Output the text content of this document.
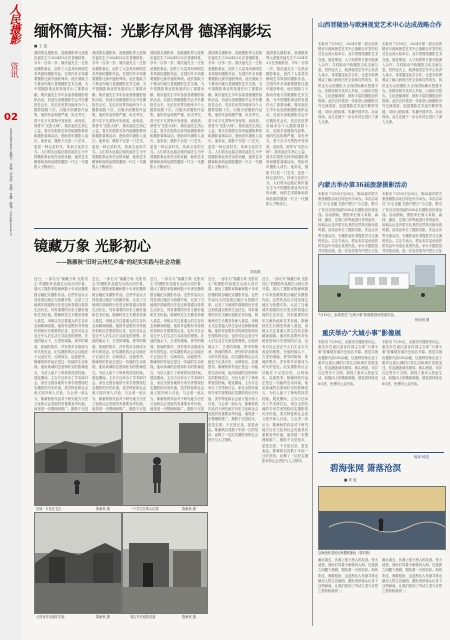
人民摄影
资讯
02
2024年4月20日 星期六 · 责编：李诗雨 · 美编：肖鹏 · 邮箱：rmsy@people.cn
缅怀简庆福：光影存风骨 德泽润影坛
■ 王 晶
我国著名摄影家、香港摄影界元老简庆福先生于2024年3月在香港辞世，享年一百零一岁。简庆福先生一生热爱摄影事业，创作了大量具有鲜明艺术风格的摄影作品，在国内外多项重要摄影比赛中屡获殊荣。他长期致力于推动内地与香港摄影艺术交流，为中国摄影事业的发展作出了重要贡献。简庆福先生早年参加香港摄影组织活动，后创办香港摄影学会并长期担任会长，先后在世界各地举办个人摄影展数十次，出版多部摄影作品集。他的作品构图严谨、用光考究，善于在平凡景物中发现美、表现美，被誉为“光影大师”。简庆福先生热心公益，曾多次捐资支持内地摄影教育和摄影赛事活动，资助青年摄影人成长。他常说，摄影不仅是一门艺术，更是一种记录时代、传承文化的方式。人们将永远铭记简庆福先生为中国摄影事业所作出的贡献，他的艺术精神和高尚品德将激励一代又一代摄影人不断前行。
我国著名摄影家、香港摄影界元老简庆福先生于2024年3月在香港辞世，享年一百零一岁。简庆福先生一生热爱摄影事业，创作了大量具有鲜明艺术风格的摄影作品，在国内外多项重要摄影比赛中屡获殊荣。他长期致力于推动内地与香港摄影艺术交流，为中国摄影事业的发展作出了重要贡献。简庆福先生早年参加香港摄影组织活动，后创办香港摄影学会并长期担任会长，先后在世界各地举办个人摄影展数十次，出版多部摄影作品集。他的作品构图严谨、用光考究，善于在平凡景物中发现美、表现美，被誉为“光影大师”。简庆福先生热心公益，曾多次捐资支持内地摄影教育和摄影赛事活动，资助青年摄影人成长。他常说，摄影不仅是一门艺术，更是一种记录时代、传承文化的方式。人们将永远铭记简庆福先生为中国摄影事业所作出的贡献，他的艺术精神和高尚品德将激励一代又一代摄影人不断前行。
我国著名摄影家、香港摄影界元老简庆福先生于2024年3月在香港辞世，享年一百零一岁。简庆福先生一生热爱摄影事业，创作了大量具有鲜明艺术风格的摄影作品，在国内外多项重要摄影比赛中屡获殊荣。他长期致力于推动内地与香港摄影艺术交流，为中国摄影事业的发展作出了重要贡献。简庆福先生早年参加香港摄影组织活动，后创办香港摄影学会并长期担任会长，先后在世界各地举办个人摄影展数十次，出版多部摄影作品集。他的作品构图严谨、用光考究，善于在平凡景物中发现美、表现美，被誉为“光影大师”。简庆福先生热心公益，曾多次捐资支持内地摄影教育和摄影赛事活动，资助青年摄影人成长。他常说，摄影不仅是一门艺术，更是一种记录时代、传承文化的方式。人们将永远铭记简庆福先生为中国摄影事业所作出的贡献，他的艺术精神和高尚品德将激励一代又一代摄影人不断前行。
我国著名摄影家、香港摄影界元老简庆福先生于2024年3月在香港辞世，享年一百零一岁。简庆福先生一生热爱摄影事业，创作了大量具有鲜明艺术风格的摄影作品，在国内外多项重要摄影比赛中屡获殊荣。他长期致力于推动内地与香港摄影艺术交流，为中国摄影事业的发展作出了重要贡献。简庆福先生早年参加香港摄影组织活动，后创办香港摄影学会并长期担任会长，先后在世界各地举办个人摄影展数十次，出版多部摄影作品集。他的作品构图严谨、用光考究，善于在平凡景物中发现美、表现美，被誉为“光影大师”。简庆福先生热心公益，曾多次捐资支持内地摄影教育和摄影赛事活动，资助青年摄影人成长。他常说，摄影不仅是一门艺术，更是一种记录时代、传承文化的方式。人们将永远铭记简庆福先生为中国摄影事业所作出的贡献，他的艺术精神和高尚品德将激励一代又一代摄影人不断前行。
我国著名摄影家、香港摄影界元老简庆福先生于2024年3月在香港辞世，享年一百零一岁。简庆福先生一生热爱摄影事业，创作了大量具有鲜明艺术风格的摄影作品，在国内外多项重要摄影比赛中屡获殊荣。他长期致力于推动内地与香港摄影艺术交流，为中国摄影事业的发展作出了重要贡献。简庆福先生早年参加香港摄影组织活动，后创办香港摄影学会并长期担任会长，先后在世界各地举办个人摄影展数十次，出版多部摄影作品集。他的作品构图严谨、用光考究，善于在平凡景物中发现美、表现美，被誉为“光影大师”。简庆福先生热心公益，曾多次捐资支持内地摄影教育和摄影赛事活动，资助青年摄影人成长。他常说，摄影不仅是一门艺术，更是一种记录时代、传承文化的方式。人们将永远铭记简庆福先生为中国摄影事业所作出的贡献，他的艺术精神和高尚品德将激励一代又一代摄影人不断前行。
山西晋陵协与欧洲视觉艺术中心达成战略合作
本报讯 7月10日，2024年第一届山西晋陵协与欧洲视觉艺术中心战略合作签约仪式在山西太原举行。双方将围绕摄影艺术交流、展览策划、人才培养等方面开展深入合作，共同推动中欧摄影文化交流互鉴。签约仪式上，欧洲视觉艺术中心负责人表示，希望通过此次合作，让更多欧洲观众了解山西的历史文化和自然风光，同时也为山西摄影人走向国际舞台搭建平台。晋陵协相关负责人介绍，山西历史悠久、文化底蕴深厚，拥有丰富的摄影创作资源。此次合作将进一步拓宽山西摄影对外交流渠道，促进摄影艺术创作繁荣发展，讲好山西故事，传播中国声音。活动现场，双方还就下一步合作项目进行了深入交流。
本报讯 7月10日，2024年第一届山西晋陵协与欧洲视觉艺术中心战略合作签约仪式在山西太原举行。双方将围绕摄影艺术交流、展览策划、人才培养等方面开展深入合作，共同推动中欧摄影文化交流互鉴。签约仪式上，欧洲视觉艺术中心负责人表示，希望通过此次合作，让更多欧洲观众了解山西的历史文化和自然风光，同时也为山西摄影人走向国际舞台搭建平台。晋陵协相关负责人介绍，山西历史悠久、文化底蕴深厚，拥有丰富的摄影创作资源。此次合作将进一步拓宽山西摄影对外交流渠道，促进摄影艺术创作繁荣发展，讲好山西故事，传播中国声音。活动现场，双方还就下一步合作项目进行了深入交流。
内蒙古举办第36届旅游摄影活动
本报讯 7月15日至20日，第36届内蒙古旅游摄影活动在呼伦贝尔举办。本次活动以“行走北疆 光影内蒙古”为主题，吸引了来自全国各地的200余名摄影爱好者参加。活动期间，摄影家们深入草原、森林、湖泊、边境口岸等地进行采风创作，用镜头记录内蒙古壮美的自然风光和民族风情。活动还举办了摄影讲座、作品点评等交流活动，为摄影爱好者提供学习交流的机会。主办方表示，将从本次活动创作的作品中评选出优秀作品，举办专题展览并结集出版，进一步宣传推介内蒙古文化
本报讯 7月15日至20日，第36届内蒙古旅游摄影活动在呼伦贝尔举办。本次活动以“行走北疆 光影内蒙古”为主题，吸引了来自全国各地的200余名摄影爱好者参加。活动期间，摄影家们深入草原、森林、湖泊、边境口岸等地进行采风创作，用镜头记录内蒙古壮美的自然风光和民族风情。活动还举办了摄影讲座、作品点评等交流活动，为摄影爱好者提供学习交流的机会。主办方表示，将从本次活动创作的作品中评选出优秀作品，举办专题展览并结集出版，进一步宣传推介内蒙古文化
镜藏万象 光影初心
——陈雁秋“旧时云州忆乡魂”的纪实实践与社会功能
刘英明
近日，一部名为“镜藏万象 光影初心”的摄影作品展在山西大同开幕，展出了摄影家陈雁秋数十年来拍摄的数百幅纪实摄影作品。这些作品以大同及周边地区为拍摄对象，记录了当地城乡面貌的历史变迁和普通百姓的生活状态，具有重要的历史文献价值和艺术价值。陈雁秋先生长期坚持深入基层，用镜头关注普通人的生存状态和精神面貌。他的作品既有对传统民俗和历史建筑的记录，也有对社会变迁中人们生活方式改变的观察。在他的镜头下，古老的城墙、狭窄的街巷、热闹的集市、淳朴的乡亲都成为时代的见证。纪实摄影的社会功能在于记录历史、反映现实、启迪思考。陈雁秋的作品正是这一功能的生动体现。他用真诚的态度和朴实的影像语言，为后人留下了珍贵的视觉档案。展览期间，主办方还举办了学术研讨会，来自全国各地的专家学者围绕纪实摄影的历史价值、美学特征和社会意义展开深入讨论，与会者一致认为，陈雁秋的作品对于研究地方历史文化和社会发展具有重要参考价值，值得进一步整理和推广。摄影不仅是
近日，一部名为“镜藏万象 光影初心”的摄影作品展在山西大同开幕，展出了摄影家陈雁秋数十年来拍摄的数百幅纪实摄影作品。这些作品以大同及周边地区为拍摄对象，记录了当地城乡面貌的历史变迁和普通百姓的生活状态，具有重要的历史文献价值和艺术价值。陈雁秋先生长期坚持深入基层，用镜头关注普通人的生存状态和精神面貌。他的作品既有对传统民俗和历史建筑的记录，也有对社会变迁中人们生活方式改变的观察。在他的镜头下，古老的城墙、狭窄的街巷、热闹的集市、淳朴的乡亲都成为时代的见证。纪实摄影的社会功能在于记录历史、反映现实、启迪思考。陈雁秋的作品正是这一功能的生动体现。他用真诚的态度和朴实的影像语言，为后人留下了珍贵的视觉档案。展览期间，主办方还举办了学术研讨会，来自全国各地的专家学者围绕纪实摄影的历史价值、美学特征和社会意义展开深入讨论，与会者一致认为，陈雁秋的作品对于研究地方历史文化和社会发展具有重要参考价值，值得进一步整理和推广。摄影不仅是 ；不仅是 数十
近日，一部名为“镜藏万象 光影初心”的摄影作品展在山西大同开幕，展出了摄影家陈雁秋数十年来拍摄的数百幅纪实摄影作品。这些作品以大同及周边地区为拍摄对象，记录了当地城乡面貌的历史变迁和普通百姓的生活状态，具有重要的历史文献价值和艺术价值。陈雁秋先生长期坚持深入基层，用镜头关注普通人的生存状态和精神面貌。他的作品既有对传统民俗和历史建筑的记录，也有对社会变迁中人们生活方式改变的观察。在他的镜头下，古老的城墙、狭窄的街巷、热闹的集市、淳朴的乡亲都成为时代的见证。纪实摄影的社会功能在于记录历史、反映现实、启迪思考。陈雁秋的作品正是这一功能的生动体现。他用真诚的态度和朴实的影像语言，为后人留下了珍贵的视觉档案。展览期间，主办方还举办了学术研讨会，来自全国各地的专家学者围绕纪实摄影的历史价值、美学特征和社会意义展开深入讨论，与会者一致认为，陈雁秋的作品对于研究地方历史文化和社会发展具有重要参考价值，值得进一步整理和推广。摄影不仅是
近日，一部名为“镜藏万象 光影初心”的摄影作品展在山西大同开幕，展出了摄影家陈雁秋数十年来拍摄的数百幅纪实摄影作品。这些作品以大同及周边地区为拍摄对象，记录了当地城乡面貌的历史变迁和普通百姓的生活状态，具有重要的历史文献价值和艺术价值。陈雁秋先生长期坚持深入基层，用镜头关注普通人的生存状态和精神面貌。他的作品既有对传统民俗和历史建筑的记录，也有对社会变迁中人们生活方式改变的观察。在他的镜头下，古老的城墙、狭窄的街巷、热闹的集市、淳朴的乡亲都成为时代的见证。纪实摄影的社会功能在于记录历史、反映现实、启迪思考。陈雁秋的作品正是这一功能的生动体现。他用真诚的态度和朴实的影像语言，为后人留下了珍贵的视觉档案。展览期间，主办方还举办了学术研讨会，来自全国各地的专家学者围绕纪实摄影的历史价值、美学特征和社会意义展开深入讨论，与会者一致认为，陈雁秋的作品对于研究地方历史文化和社会发展具有重要参考价值，值得进一步整理和推广。摄影不仅是技术，更是态度；不仅是记录，更是表达。陈雁秋以其数十年如一日的坚持，诠释了一位纪实摄影家的社会责任与人文情怀。
近日，一部名为“镜藏万象 光影初心”的摄影作品展在山西大同开幕，展出了摄影家陈雁秋数十年来拍摄的数百幅纪实摄影作品。这些作品以大同及周边地区为拍摄对象，记录了当地城乡面貌的历史变迁和普通百姓的生活状态，具有重要的历史文献价值和艺术价值。陈雁秋先生长期坚持深入基层，用镜头关注普通人的生存状态和精神面貌。他的作品既有对传统民俗和历史建筑的记录，也有对社会变迁中人们生活方式改变的观察。在他的镜头下，古老的城墙、狭窄的街巷、热闹的集市、淳朴的乡亲都成为时代的见证。纪实摄影的社会功能在于记录历史、反映现实、启迪思考。陈雁秋的作品正是这一功能的生动体现。他用真诚的态度和朴实的影像语言，为后人留下了珍贵的视觉档案。展览期间，主办方还举办了学术研讨会，来自全国各地的专家学者围绕纪实摄影的历史价值、美学特征和社会意义展开深入讨论，与会者一致认为，陈雁秋的作品对于研究地方历史文化和社会发展具有重要参考价值，值得进一步整理和推广。摄影不仅是技术，更是态度；不仅是记录，更是表达。陈雁秋以其数十年如一日的坚持，诠释了一位纪实摄影家的社会责任与人文情怀。
旧城 · 平民住宅区	陈雁秋 摄	一个学生在街头玩耍	陈雁秋 摄
大同晋华宫煤矿旧址	陈雁秋 摄	周边乡村庭院旧貌	陈雁秋 摄
7月16日，参观者在“大城小事”影像展现场观看作品。
杨东明 摄
重庆举办“大城小事”影像展
本报讯 7月16日，由重庆市摄影家协会、重庆市巴南区委宣传部主办的“大城小事”影像展在重庆巴南区开幕。展览共展出摄影作品150余幅，以独特视角记录了重庆这座山城的日常生活和城市发展变迁。作品涵盖城市建筑、街头巷尾、市井百态等多个方面，展现了重庆人热爱生活、积极向上的精神面貌。展览将持续至8月底，免费向公众开放。
本报讯 7月16日，由重庆市摄影家协会、重庆市巴南区委宣传部主办的“大城小事”影像展在重庆巴南区开幕。展览共展出摄影作品150余幅，以独特视角记录了重庆这座山城的日常生活和城市发展变迁。作品涵盖城市建筑、街头巷尾、市井百态等多个方面，展现了重庆人热爱生活、积极向上的精神面貌。展览将持续至8月底，免费向公众开放。
镜读·镜语
碧海张网 箫落沧溟
■ 刘 旭
沿海渔民清晨出海撒网捕鱼（资料图）
潮水退去，沙滩上留下渔人的足迹。每天清晨，渔民们驾着小船驶向大海，在碧波之间撒下渔网，期待着一天的收获。海风吹过，渔歌悠扬，这是海边人家最寻常也最动人的生活画面。摄影者用镜头记录下这些瞬间，让我们看到了劳动之美与自然之美的和谐统一。
潮水退去，沙滩上留下渔人的足迹。每天清晨，渔民们驾着小船驶向大海，在碧波之间撒下渔网，期待着一天的收获。海风吹过，渔歌悠扬，这是海边人家最寻常也最动人的生活画面。摄影者用镜头记录下这些瞬间，让我们看到了劳动之美与自然之美的和谐统一。
